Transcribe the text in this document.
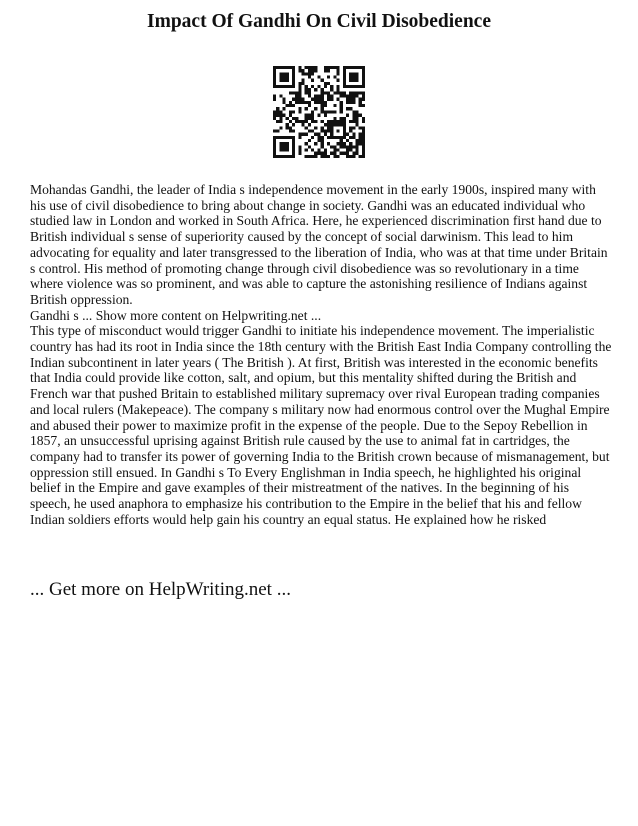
Impact Of Gandhi On Civil Disobedience

Mohandas Gandhi, the leader of India s independence movement in the early 1900s, inspired many with his use of civil disobedience to bring about change in society. Gandhi was an educated individual who studied law in London and worked in South Africa. Here, he experienced discrimination first hand due to British individual s sense of superiority caused by the concept of social darwinism. This lead to him advocating for equality and later transgressed to the liberation of India, who was at that time under Britain s control. His method of promoting change through civil disobedience was so revolutionary in a time where violence was so prominent, and was able to capture the astonishing resilience of Indians against British oppression.

Gandhi s ... Show more content on Helpwriting.net ...

This type of misconduct would trigger Gandhi to initiate his independence movement. The imperialistic country has had its root in India since the 18th century with the British East India Company controlling the Indian subcontinent in later years ( The British ). At first, British was interested in the economic benefits that India could provide like cotton, salt, and opium, but this mentality shifted during the British and French war that pushed Britain to established military supremacy over rival European trading companies and local rulers (Makepeace). The company s military now had enormous control over the Mughal Empire and abused their power to maximize profit in the expense of the people. Due to the Sepoy Rebellion in 1857, an unsuccessful uprising against British rule caused by the use to animal fat in cartridges, the company had to transfer its power of governing India to the British crown because of mismanagement, but oppression still ensued. In Gandhi s To Every Englishman in India speech, he highlighted his original belief in the Empire and gave examples of their mistreatment of the natives. In the beginning of his speech, he used anaphora to emphasize his contribution to the Empire in the belief that his and fellow Indian soldiers efforts would help gain his country an equal status. He explained how he risked

... Get more on HelpWriting.net ...
